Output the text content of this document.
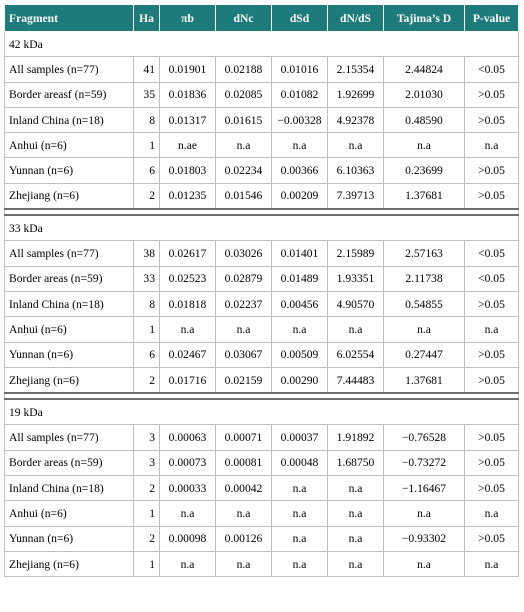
Fragment	Ha	πb	dNc	dSd	dN/dS	Tajima’s D	P-value
42 kDa							
All samples (n=77)	41	0.01901	0.02188	0.01016	2.15354	2.44824	<0.05
Border areasf (n=59)	35	0.01836	0.02085	0.01082	1.92699	2.01030	>0.05
Inland China (n=18)	8	0.01317	0.01615	−0.00328	4.92378	0.48590	>0.05
Anhui (n=6)	1	n.ae	n.a	n.a	n.a	n.a	n.a
Yunnan (n=6)	6	0.01803	0.02234	0.00366	6.10363	0.23699	>0.05
Zhejiang (n=6)	2	0.01235	0.01546	0.00209	7.39713	1.37681	>0.05

33 kDa							
All samples (n=77)	38	0.02617	0.03026	0.01401	2.15989	2.57163	<0.05
Border areas (n=59)	33	0.02523	0.02879	0.01489	1.93351	2.11738	<0.05
Inland China (n=18)	8	0.01818	0.02237	0.00456	4.90570	0.54855	>0.05
Anhui (n=6)	1	n.a	n.a	n.a	n.a	n.a	n.a
Yunnan (n=6)	6	0.02467	0.03067	0.00509	6.02554	0.27447	>0.05
Zhejiang (n=6)	2	0.01716	0.02159	0.00290	7.44483	1.37681	>0.05

19 kDa							
All samples (n=77)	3	0.00063	0.00071	0.00037	1.91892	−0.76528	>0.05
Border areas (n=59)	3	0.00073	0.00081	0.00048	1.68750	−0.73272	>0.05
Inland China (n=18)	2	0.00033	0.00042	n.a	n.a	−1.16467	>0.05
Anhui (n=6)	1	n.a	n.a	n.a	n.a	n.a	n.a
Yunnan (n=6)	2	0.00098	0.00126	n.a	n.a	−0.93302	>0.05
Zhejiang (n=6)	1	n.a	n.a	n.a	n.a	n.a	n.a
